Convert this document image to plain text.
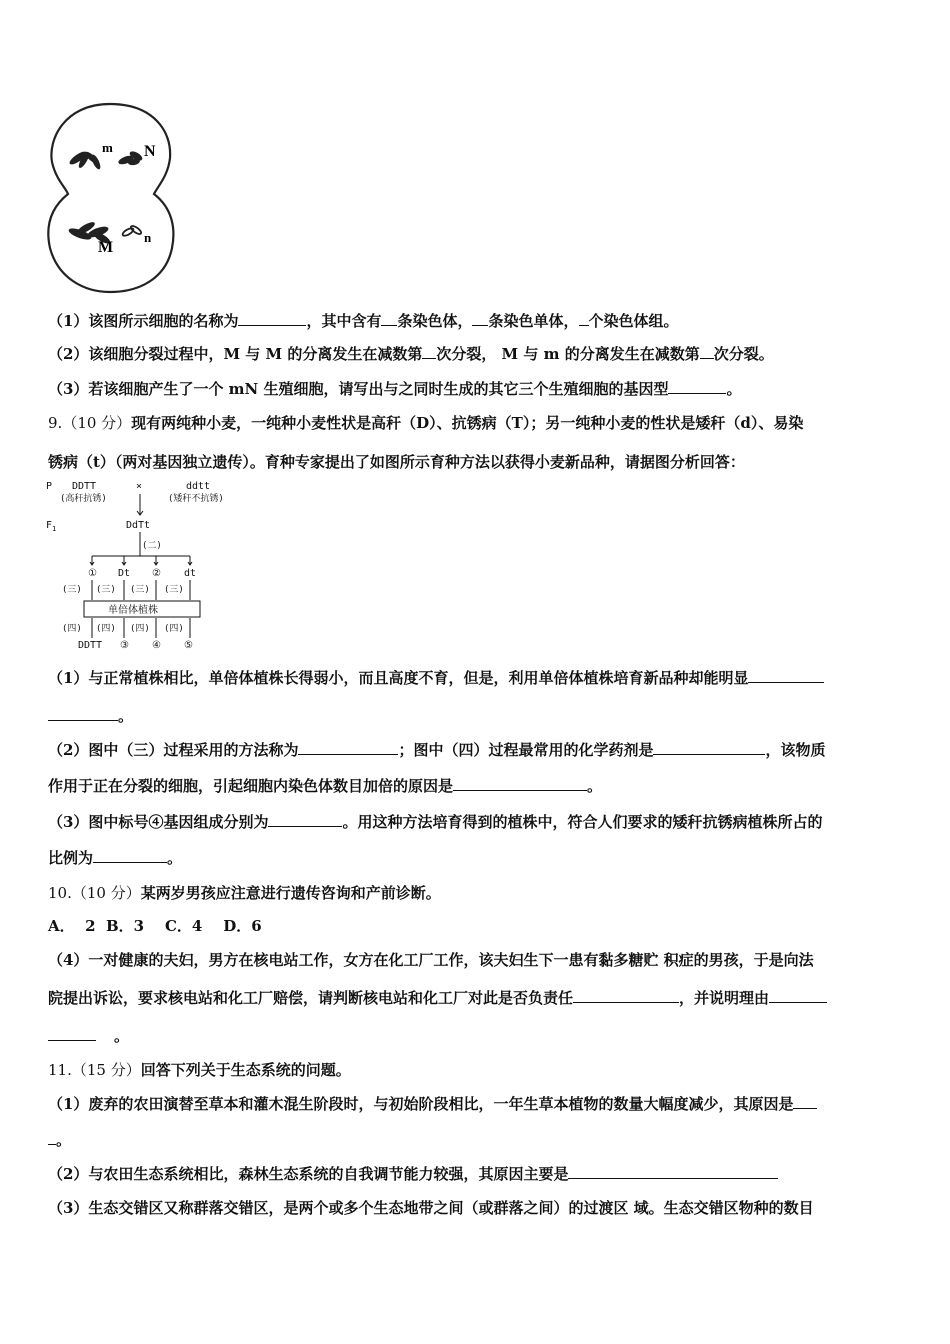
m N
M
n
（1）该图所示细胞的名称为	，其中含有 条染色体， 条染色单体， 个染色体组。
（2）该细胞分裂过程中，M 与 M 的分离发生在减数第 次分裂， M 与 m 的分离发生在减数第 次分裂。
（3）若该细胞产生了一个 mN 生殖细胞，请写出与之同时生成的其它三个生殖细胞的基因型	。
9.（10 分）现有两纯种小麦，一纯种小麦性状是高秆（D）、抗锈病（T）；另一纯种小麦的性状是矮秆（d）、易染
锈病（t）（两对基因独立遗传）。育种专家提出了如图所示育种方法以获得小麦新品种，请据图分析回答：
P DDTT
(高秆抗锈)
×	ddtt
(矮秆不抗锈)
$F_1$	DdTt
(二)
① Dt ② dt
(三) (三) (三) (三)
单倍体植株
(四) (四) (四) (四)
DDTT ③ ④ ⑤
（1）与正常植株相比，单倍体植株长得弱小，而且高度不育，但是，利用单倍体植株培育新品种却能明显
。
（2）图中（三）过程采用的方法称为	；图中（四）过程最常用的化学药剂是	，该物质
作用于正在分裂的细胞，引起细胞内染色体数目加倍的原因是	。
（3）图中标号④基因组成分别为	。用这种方法培育得到的植株中，符合人们要求的矮秆抗锈病植株所占的
比例为	。
10.（10 分）某两岁男孩应注意进行遗传咨询和产前诊断。
A．  2  B．3    C．4    D．6
（4）一对健康的夫妇，男方在核电站工作，女方在化工厂工作，该夫妇生下一患有黏多糖贮 积症的男孩，于是向法
院提出诉讼，要求核电站和化工厂赔偿，请判断核电站和化工厂对此是否负责任	，并说明理由
。
11.（15 分）回答下列关于生态系统的问题。
（1）废弃的农田演替至草本和灌木混生阶段时，与初始阶段相比，一年生草本植物的数量大幅度减少，其原因是
。
（2）与农田生态系统相比，森林生态系统的自我调节能力较强，其原因主要是
（3）生态交错区又称群落交错区，是两个或多个生态地带之间（或群落之间）的过渡区 域。生态交错区物种的数目
